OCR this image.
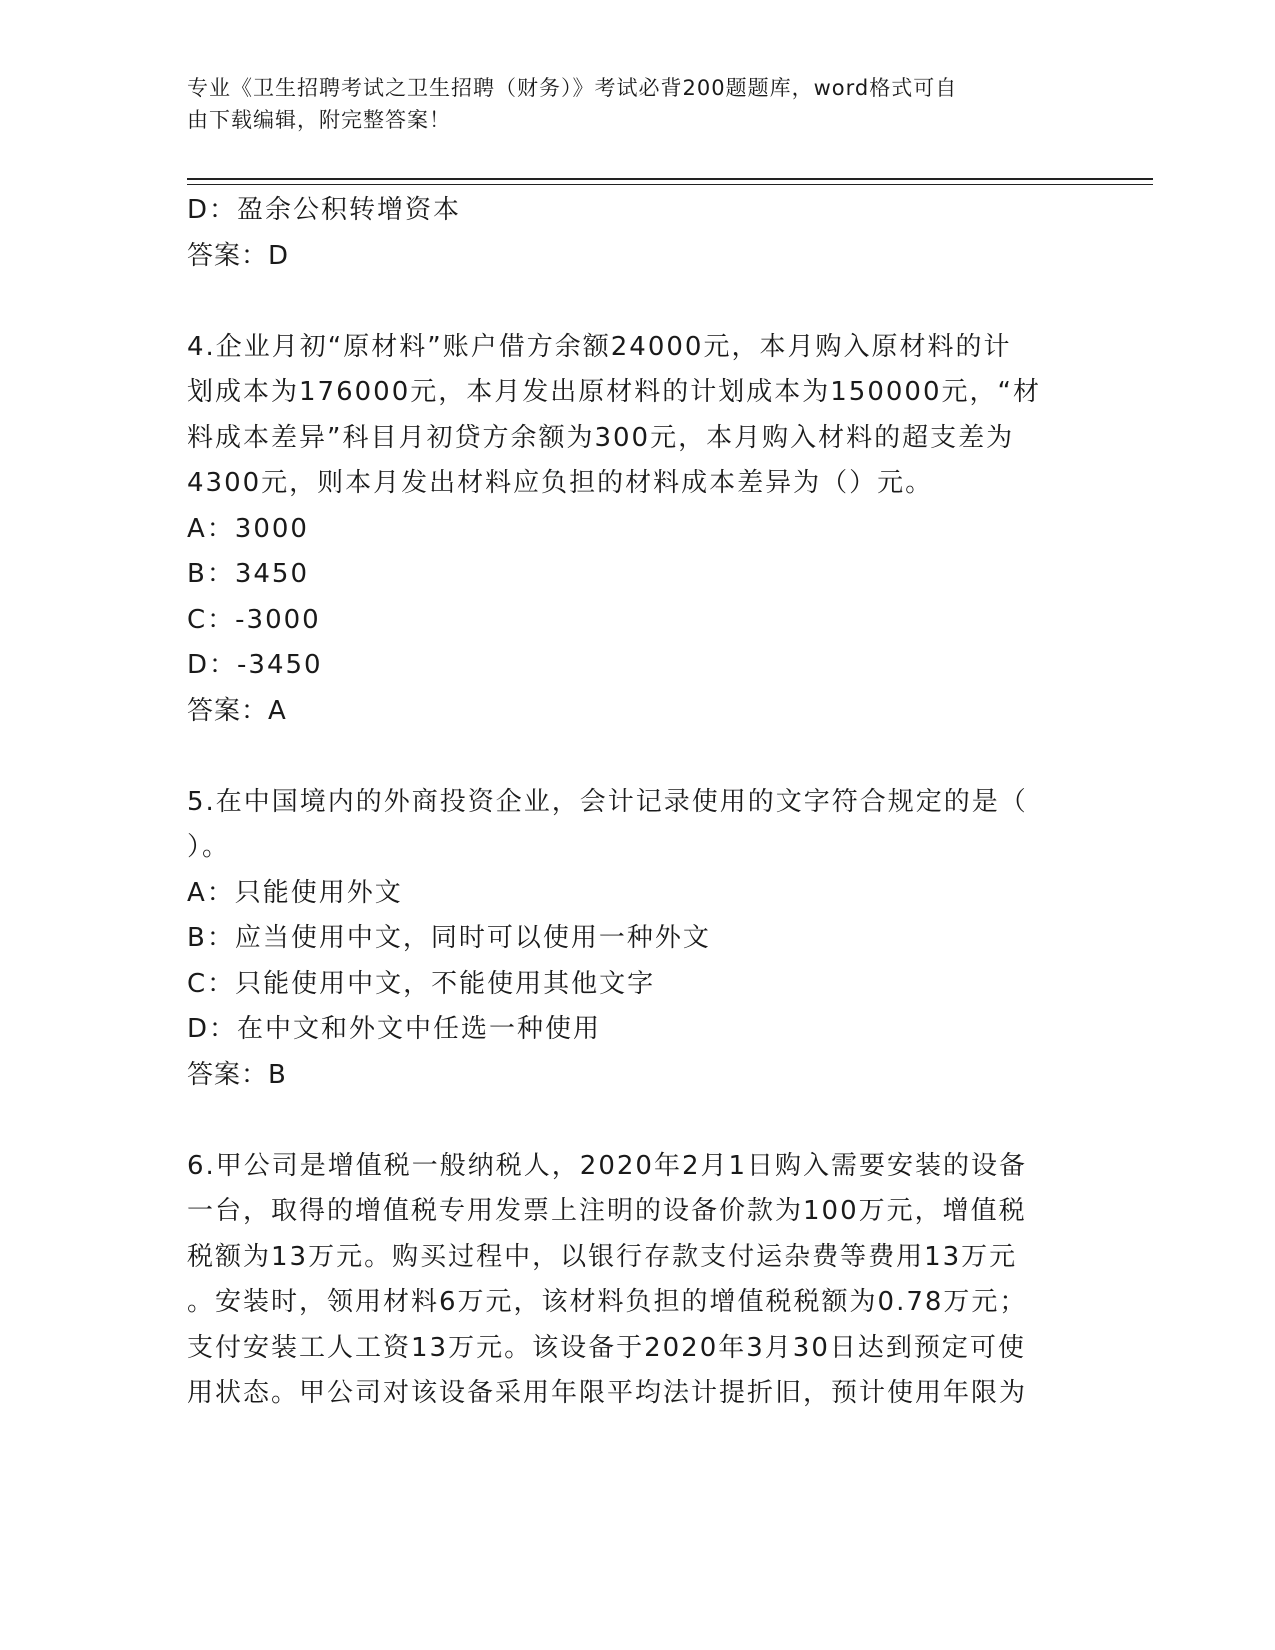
专业《卫生招聘考试之卫生招聘（财务）》考试必背200题题库，word格式可自
由下载编辑，附完整答案！
D：盈余公积转增资本
答案：D
4.企业月初“原材料”账户借方余额24000元，本月购入原材料的计
划成本为176000元，本月发出原材料的计划成本为150000元，“材
料成本差异”科目月初贷方余额为300元，本月购入材料的超支差为
4300元，则本月发出材料应负担的材料成本差异为（）元。
A：3000
B：3450
C：-3000
D：-3450
答案：A
5.在中国境内的外商投资企业，会计记录使用的文字符合规定的是（
）。
A：只能使用外文
B：应当使用中文，同时可以使用一种外文
C：只能使用中文，不能使用其他文字
D：在中文和外文中任选一种使用
答案：B
6.甲公司是增值税一般纳税人，2020年2月1日购入需要安装的设备
一台，取得的增值税专用发票上注明的设备价款为100万元，增值税
税额为13万元。购买过程中，以银行存款支付运杂费等费用13万元
。安装时，领用材料6万元，该材料负担的增值税税额为0.78万元；
支付安装工人工资13万元。该设备于2020年3月30日达到预定可使
用状态。甲公司对该设备采用年限平均法计提折旧，预计使用年限为
